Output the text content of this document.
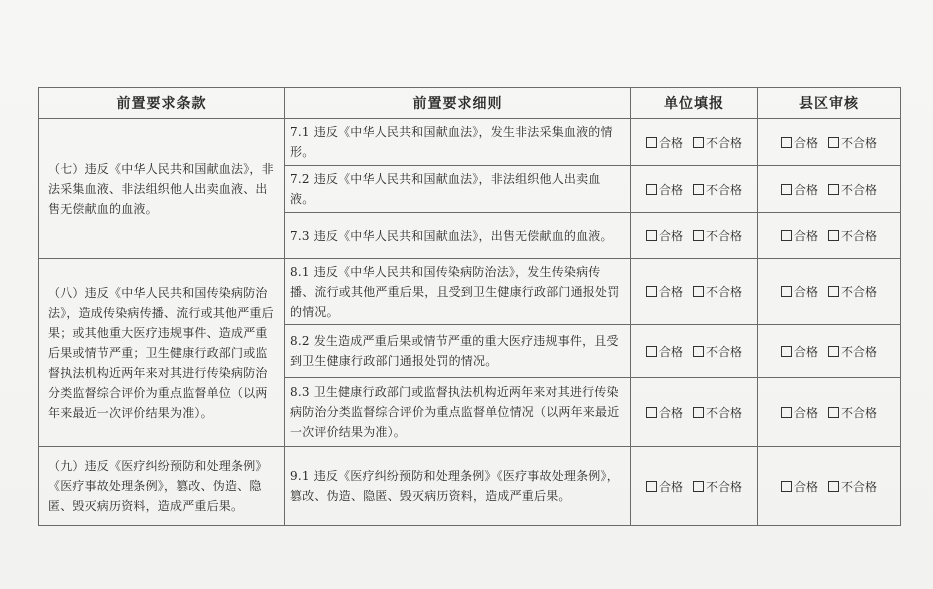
前置要求条款	前置要求细则	单位填报	县区审核
（七）违反《中华人民共和国献血法》，非法采集血液、非法组织他人出卖血液、出售无偿献血的血液。	7.1 违反《中华人民共和国献血法》，发生非法采集血液的情形。	合格 不合格	合格 不合格
	7.2 违反《中华人民共和国献血法》，非法组织他人出卖血液。	合格 不合格	合格 不合格
	7.3 违反《中华人民共和国献血法》，出售无偿献血的血液。	合格 不合格	合格 不合格
（八）违反《中华人民共和国传染病防治法》，造成传染病传播、流行或其他严重后果；或其他重大医疗违规事件、造成严重后果或情节严重；卫生健康行政部门或监督执法机构近两年来对其进行传染病防治分类监督综合评价为重点监督单位（以两年来最近一次评价结果为准）。	8.1 违反《中华人民共和国传染病防治法》，发生传染病传播、流行或其他严重后果，且受到卫生健康行政部门通报处罚的情况。	合格 不合格	合格 不合格
	8.2 发生造成严重后果或情节严重的重大医疗违规事件，且受到卫生健康行政部门通报处罚的情况。	合格 不合格	合格 不合格
	8.3 卫生健康行政部门或监督执法机构近两年来对其进行传染病防治分类监督综合评价为重点监督单位情况（以两年来最近一次评价结果为准）。	合格 不合格	合格 不合格
（九）违反《医疗纠纷预防和处理条例》《医疗事故处理条例》，篡改、伪造、隐匿、毁灭病历资料，造成严重后果。	9.1 违反《医疗纠纷预防和处理条例》《医疗事故处理条例》，篡改、伪造、隐匿、毁灭病历资料，造成严重后果。	合格 不合格	合格 不合格
